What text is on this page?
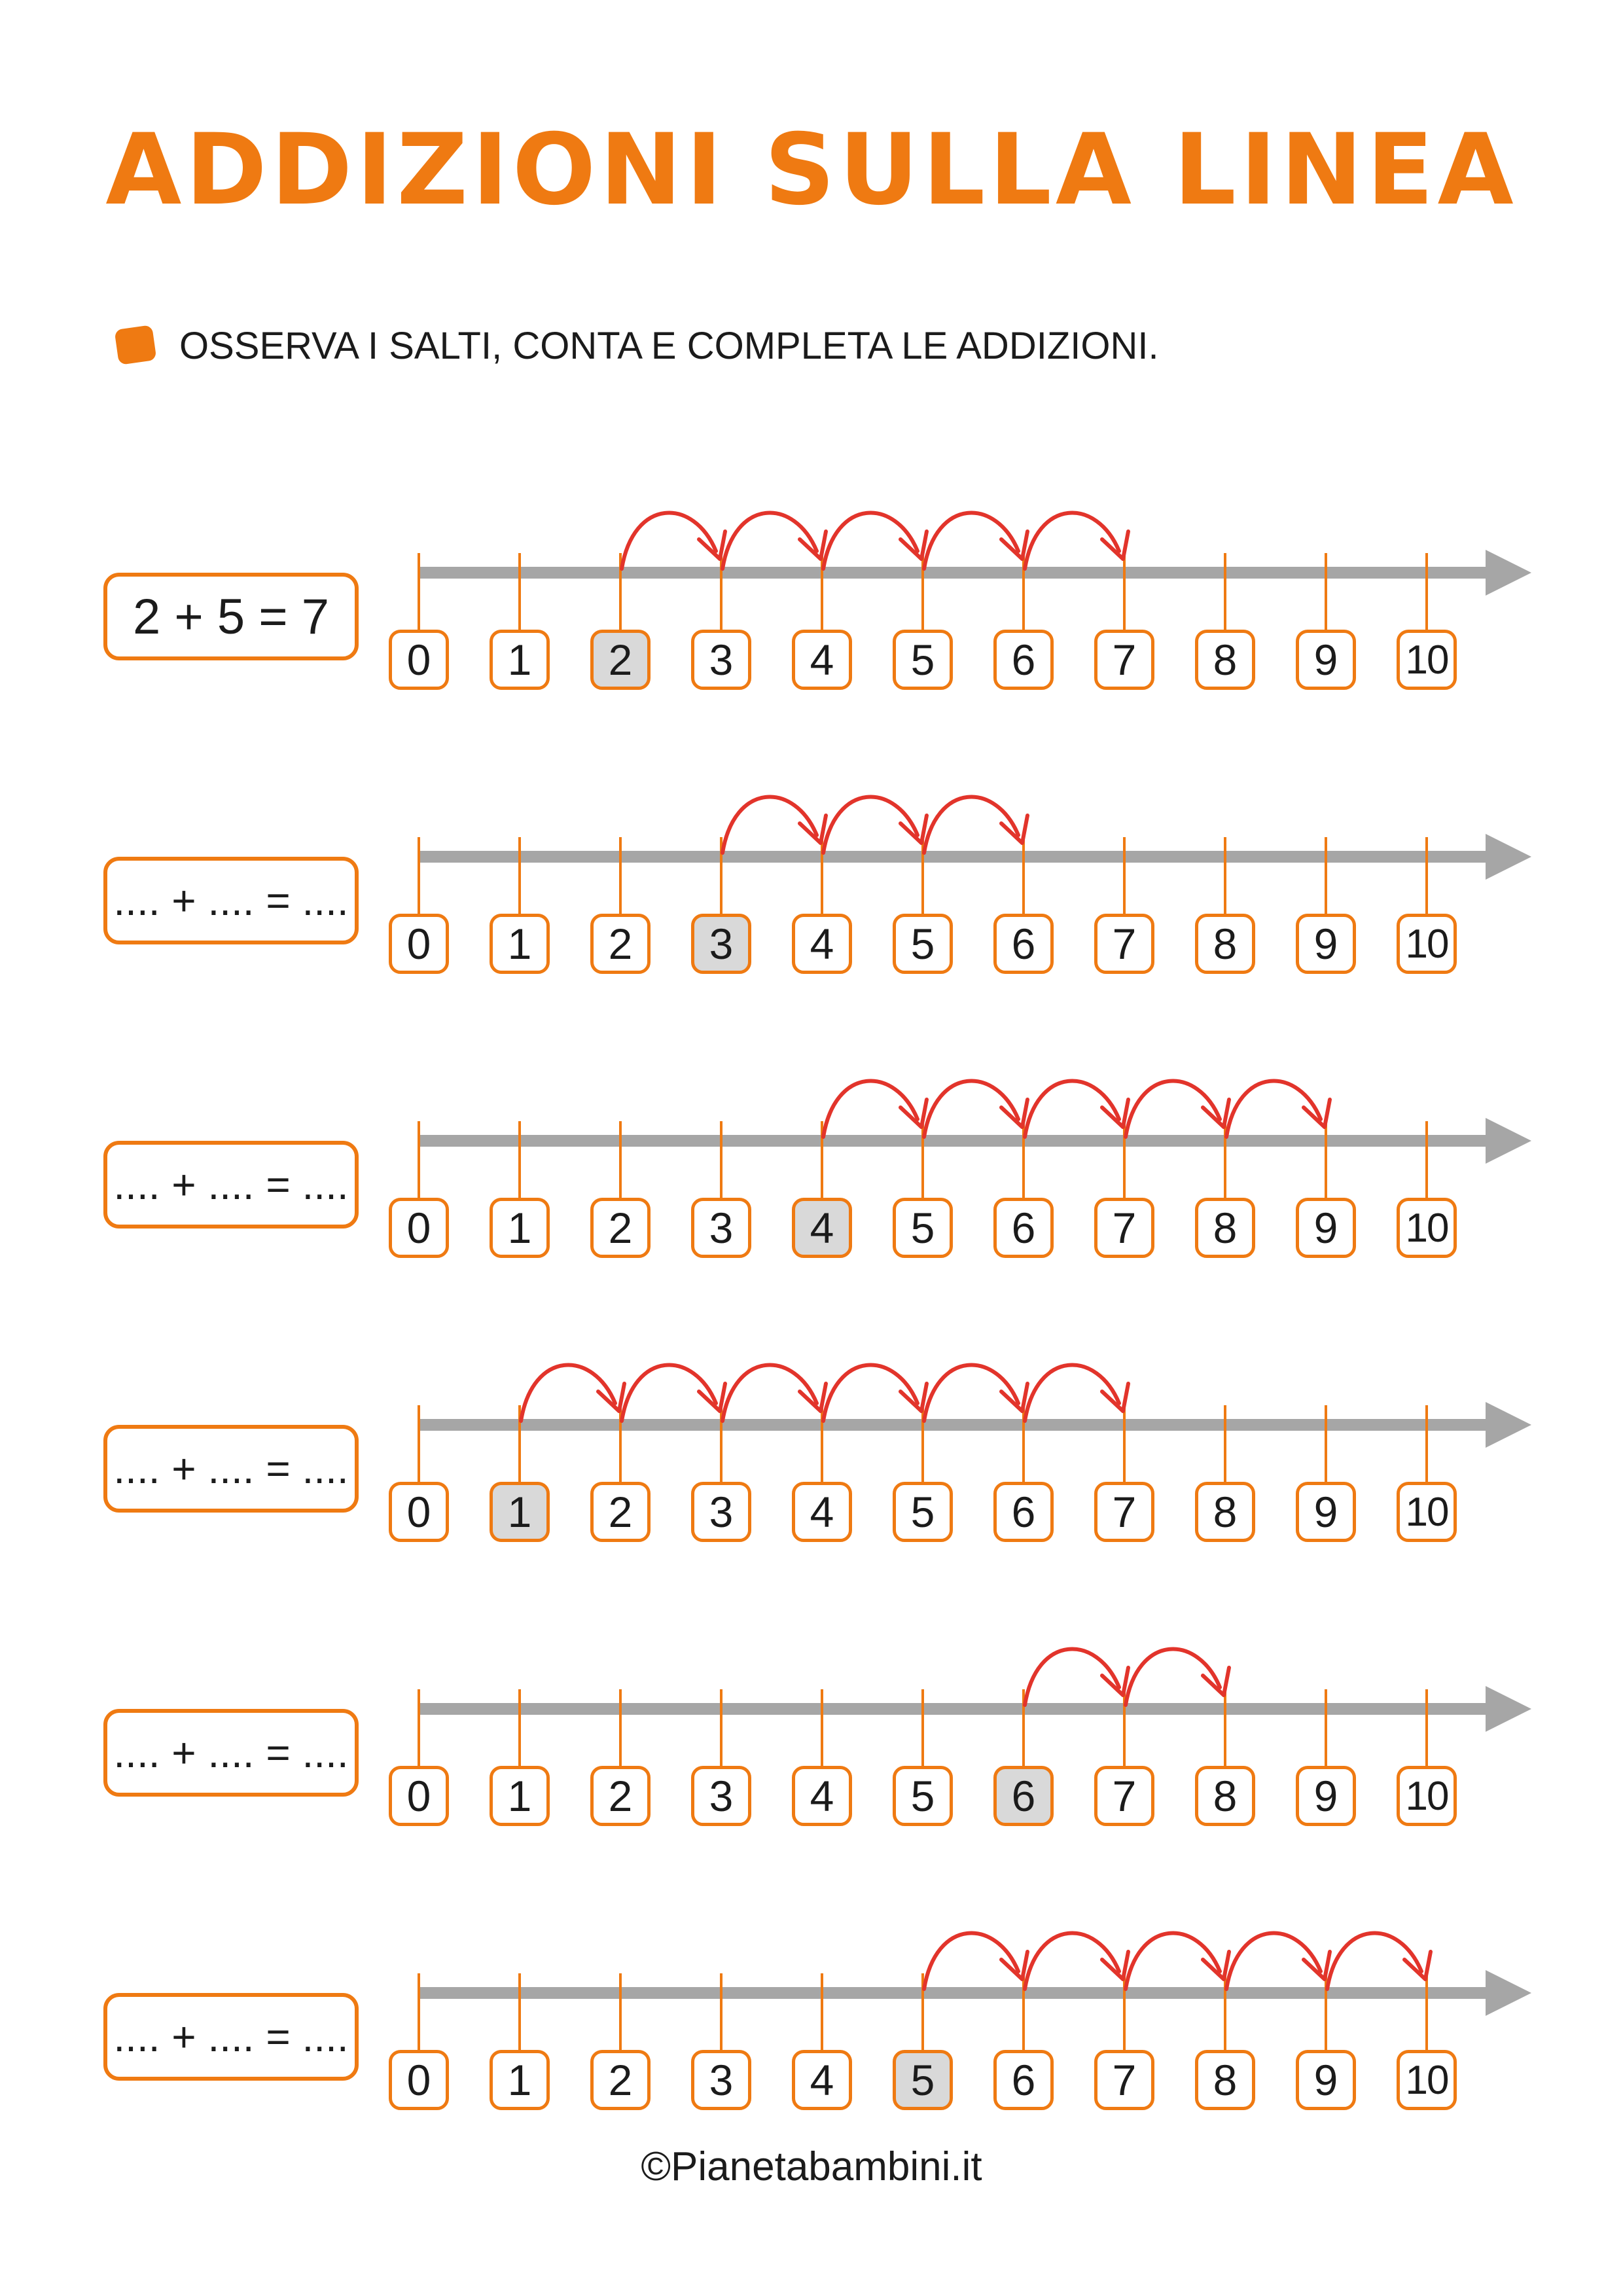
ADDIZIONI SULLA LINEA
OSSERVA I SALTI, CONTA E COMPLETA LE ADDIZIONI.
2 + 5 = 7
0	1	2	3	4	5	6	7	8	9	10
.... + .... = ....
0	1	2	3	4	5	6	7	8	9	10
.... + .... = ....
0	1	2	3	4	5	6	7	8	9	10
.... + .... = ....
0	1	2	3	4	5	6	7	8	9	10
.... + .... = ....
0	1	2	3	4	5	6	7	8	9	10
.... + .... = ....
0	1	2	3	4	5	6	7	8	9	10
©Pianetabambini.it
